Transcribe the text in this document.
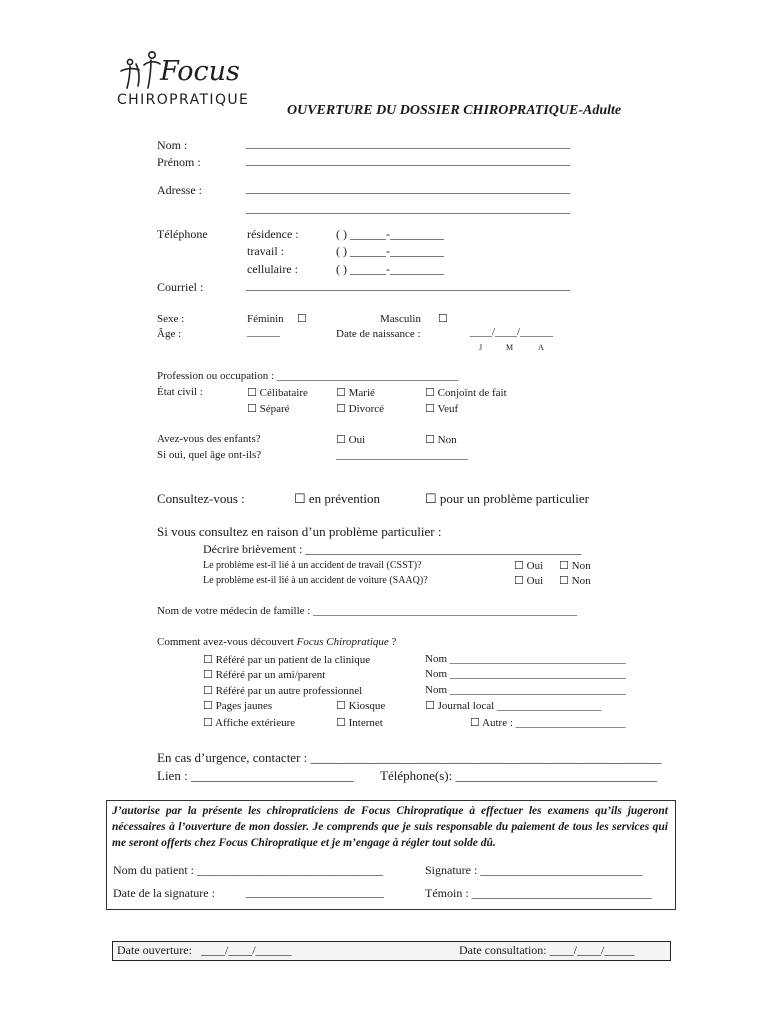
Focus
CHIROPRATIQUE
OUVERTURE DU DOSSIER CHIROPRATIQUE-Adulte
Nom :	______________________________________________________
Prénom :	______________________________________________________
Adresse :	______________________________________________________
______________________________________________________
Téléphone	résidence :	( ) ______-_________
travail :	( ) ______-_________
cellulaire :	( ) ______-_________
Courriel :	______________________________________________________
Sexe :	Féminin ☐	Masculin ☐
Âge :	______	Date de naissance :	____/____/______
J	M	A
Profession ou occupation : _________________________________
État civil :	☐ Célibataire	☐ Marié	☐ Conjoint de fait
☐ Séparé	☐ Divorcé	☐ Veuf
Avez-vous des enfants?	☐ Oui	☐ Non
Si oui, quel âge ont-ils?	________________________
Consultez-vous :	☐ en prévention	☐ pour un problème particulier
Si vous consultez en raison d’un problème particulier :
Décrire brièvement : ______________________________________________
Le problème est-il lié à un accident de travail (CSST)?	☐ Oui ☐ Non
Le problème est-il lié à un accident de voiture (SAAQ)?	☐ Oui ☐ Non
Nom de votre médecin de famille : ________________________________________________
Comment avez-vous découvert Focus Chiropratique ?
☐ Référé par un patient de la clinique	Nom ________________________________
☐ Référé par un ami/parent	Nom ________________________________
☐ Référé par un autre professionnel	Nom ________________________________
☐ Pages jaunes	☐ Kiosque	☐ Journal local ___________________
☐ Affiche extérieure	☐ Internet	☐ Autre : ____________________
En cas d’urgence, contacter : ______________________________________________________
Lien : _________________________ Téléphone(s): _______________________________
J’autorise par la présente les chiropraticiens de Focus Chiropratique à effectuer les examens qu’ils jugeront nécessaires à l’ouverture de mon dossier. Je comprends que je suis responsable du paiement de tous les services qui me seront offerts chez Focus Chiropratique et je m’engage à régler tout solde dû.
Nom du patient : _______________________________	Signature : ___________________________
Date de la signature :	_______________________	Témoin : ______________________________
Date ouverture: ____/____/______	Date consultation: ____/____/_____
